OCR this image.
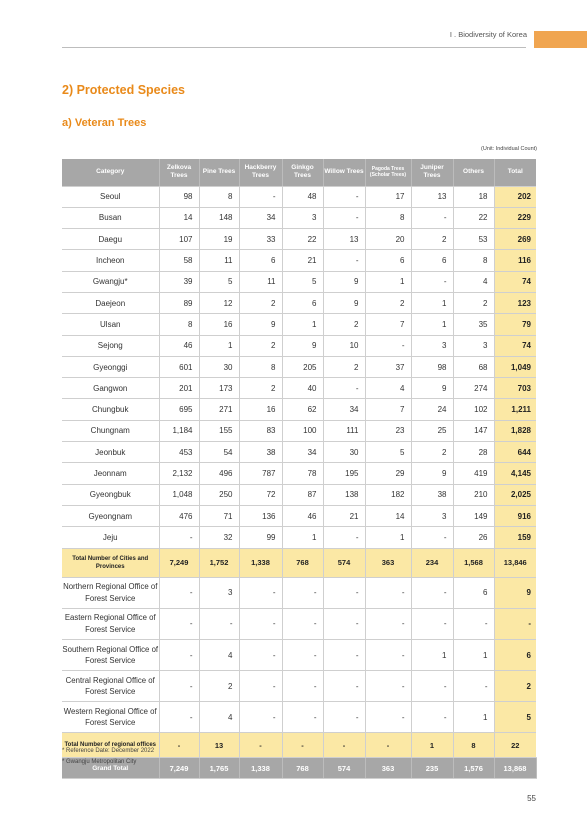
I . Biodiversity of Korea
2) Protected Species
a) Veteran Trees
(Unit: Individual Count)
Category	Zelkova Trees	Pine Trees	Hackberry Trees	Ginkgo Trees	Willow Trees	Pagoda Trees (Scholar Trees)	Juniper Trees	Others	Total
Seoul	98	8	-	48	-	17	13	18	202
Busan	14	148	34	3	-	8	-	22	229
Daegu	107	19	33	22	13	20	2	53	269
Incheon	58	11	6	21	-	6	6	8	116
Gwangju*	39	5	11	5	9	1	-	4	74
Daejeon	89	12	2	6	9	2	1	2	123
Ulsan	8	16	9	1	2	7	1	35	79
Sejong	46	1	2	9	10	-	3	3	74
Gyeonggi	601	30	8	205	2	37	98	68	1,049
Gangwon	201	173	2	40	-	4	9	274	703
Chungbuk	695	271	16	62	34	7	24	102	1,211
Chungnam	1,184	155	83	100	111	23	25	147	1,828
Jeonbuk	453	54	38	34	30	5	2	28	644
Jeonnam	2,132	496	787	78	195	29	9	419	4,145
Gyeongbuk	1,048	250	72	87	138	182	38	210	2,025
Gyeongnam	476	71	136	46	21	14	3	149	916
Jeju	-	32	99	1	-	1	-	26	159
Total Number of Cities and Provinces	7,249	1,752	1,338	768	574	363	234	1,568	13,846
Northern Regional Office of Forest Service	-	3	-	-	-	-	-	6	9
Eastern Regional Office of Forest Service	-	-	-	-	-	-	-	-	-
Southern Regional Office of Forest Service	-	4	-	-	-	-	1	1	6
Central Regional Office of Forest Service	-	2	-	-	-	-	-	-	2
Western Regional Office of Forest Service	-	4	-	-	-	-	-	1	5
Total Number of regional offices	-	13	-	-	-	-	1	8	22
Grand Total	7,249	1,765	1,338	768	574	363	235	1,576	13,868
* Reference Date: December 2022
* Gwangju Metropolitan City
55
